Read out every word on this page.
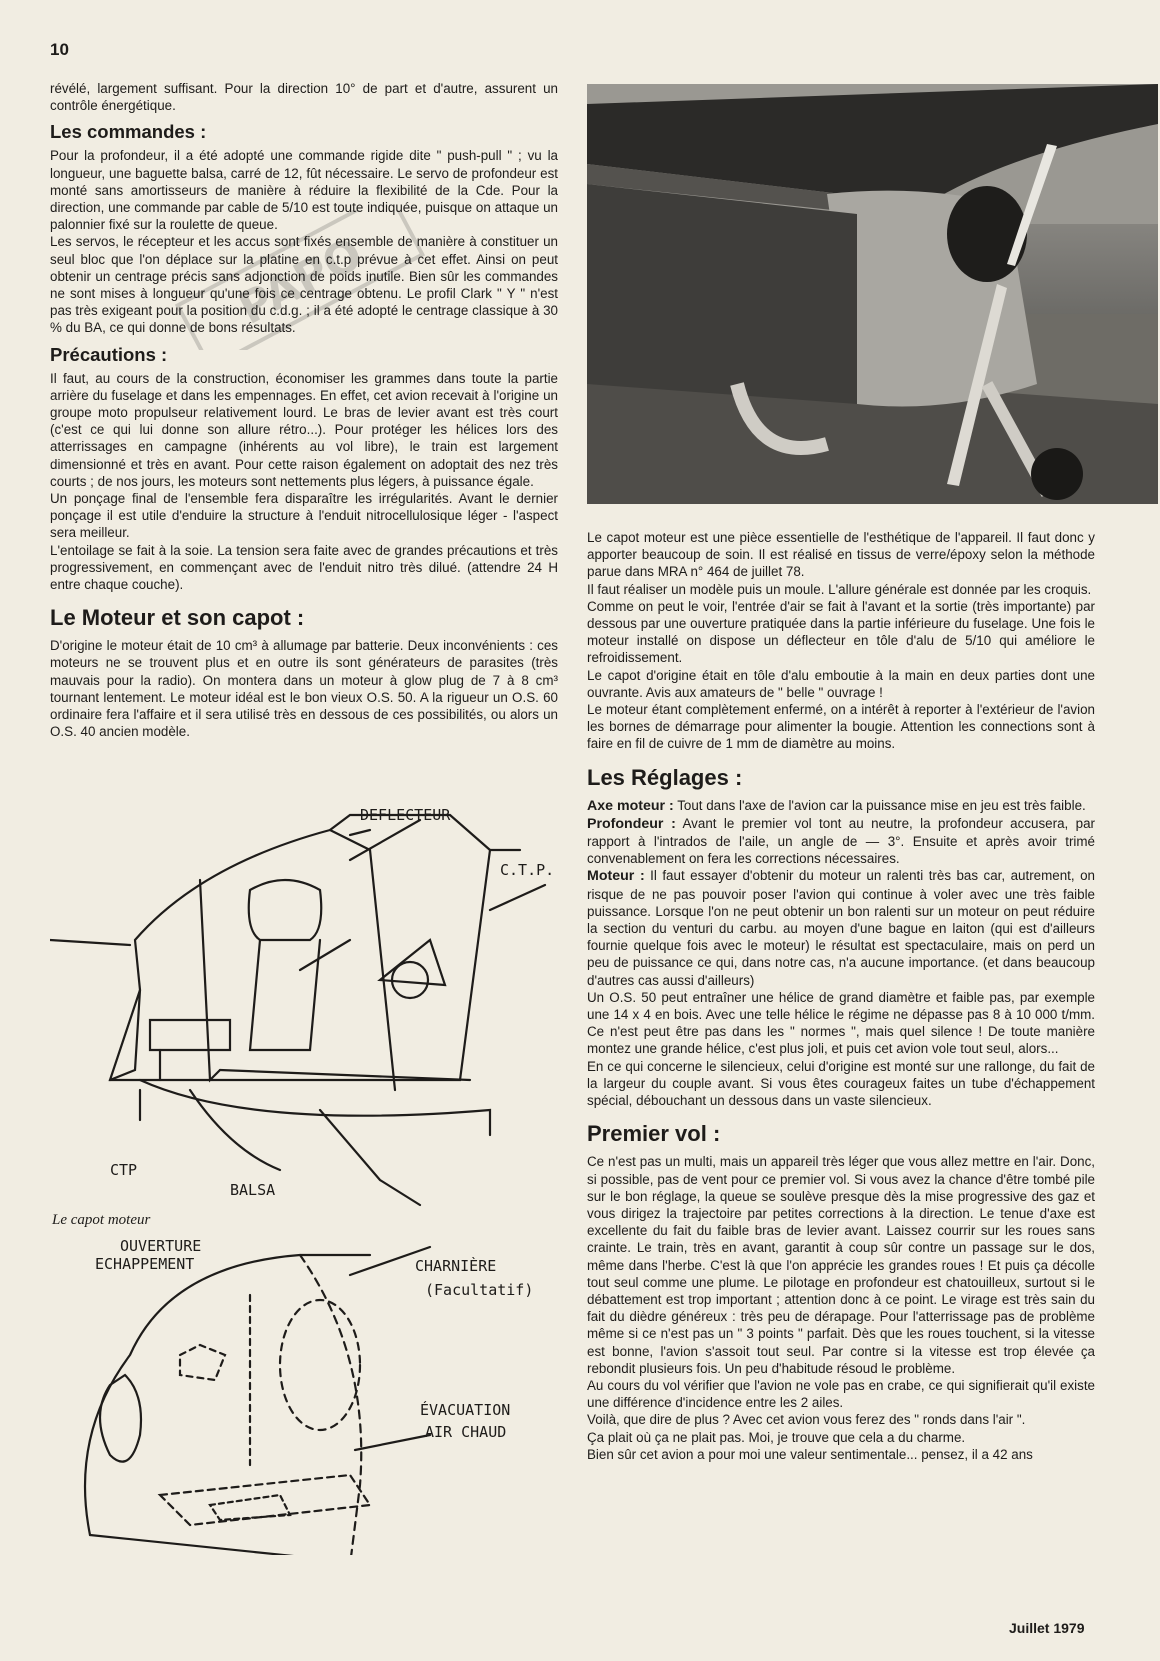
10

révélé, largement suffisant. Pour la direction 10° de part et d'autre, assurent un contrôle énergétique.

Les commandes :

Pour la profondeur, il a été adopté une commande rigide dite " push-pull " ; vu la longueur, une baguette balsa, carré de 12, fût nécessaire. Le servo de profondeur est monté sans amortisseurs de manière à réduire la flexibilité de la Cde. Pour la direction, une commande par cable de 5/10 est toute indiquée, puisque on attaque un palonnier fixé sur la roulette de queue.

Les servos, le récepteur et les accus sont fixés ensemble de manière à constituer un seul bloc que l'on déplace sur la platine en c.t.p prévue à cet effet. Ainsi on peut obtenir un centrage précis sans adjonction de poids inutile. Bien sûr les commandes ne sont mises à longueur qu'une fois ce centrage obtenu. Le profil Clark " Y " n'est pas très exigeant pour la position du c.d.g. ; il a été adopté le centrage classique à 30 % du BA, ce qui donne de bons résultats.

Précautions :

Il faut, au cours de la construction, économiser les grammes dans toute la partie arrière du fuselage et dans les empennages. En effet, cet avion recevait à l'origine un groupe moto propulseur relativement lourd. Le bras de levier avant est très court (c'est ce qui lui donne son allure rétro...). Pour protéger les hélices lors des atterrissages en campagne (inhérents au vol libre), le train est largement dimensionné et très en avant. Pour cette raison également on adoptait des nez très courts ; de nos jours, les moteurs sont nettements plus légers, à puissance égale.

Un ponçage final de l'ensemble fera disparaître les irrégularités. Avant le dernier ponçage il est utile d'enduire la structure à l'enduit nitrocellulosique léger - l'aspect sera meilleur.

L'entoilage se fait à la soie. La tension sera faite avec de grandes précautions et très progressivement, en commençant avec de l'enduit nitro très dilué. (attendre 24 H entre chaque couche).

Le Moteur et son capot :

D'origine le moteur était de 10 cm³ à allumage par batterie. Deux inconvénients : ces moteurs ne se trouvent plus et en outre ils sont générateurs de parasites (très mauvais pour la radio). On montera dans un moteur à glow plug de 7 à 8 cm³ tournant lentement. Le moteur idéal est le bon vieux O.S. 50. A la rigueur un O.S. 60 ordinaire fera l'affaire et il sera utilisé très en dessous de ces possibilités, ou alors un O.S. 40 ancien modèle.

PAPO

Le capot moteur est une pièce essentielle de l'esthétique de l'appareil. Il faut donc y apporter beaucoup de soin. Il est réalisé en tissus de verre/époxy selon la méthode parue dans MRA n° 464 de juillet 78.

Il faut réaliser un modèle puis un moule. L'allure générale est donnée par les croquis.

Comme on peut le voir, l'entrée d'air se fait à l'avant et la sortie (très importante) par dessous par une ouverture pratiquée dans la partie inférieure du fuselage. Une fois le moteur installé on dispose un déflecteur en tôle d'alu de 5/10 qui améliore le refroidissement.

Le capot d'origine était en tôle d'alu emboutie à la main en deux parties dont une ouvrante. Avis aux amateurs de " belle " ouvrage !

Le moteur étant complètement enfermé, on a intérêt à reporter à l'extérieur de l'avion les bornes de démarrage pour alimenter la bougie. Attention les connections sont à faire en fil de cuivre de 1 mm de diamètre au moins.

Les Réglages :

Axe moteur : Tout dans l'axe de l'avion car la puissance mise en jeu est très faible.

Profondeur : Avant le premier vol tont au neutre, la profondeur accusera, par rapport à l'intrados de l'aile, un angle de — 3°. Ensuite et après avoir trimé convenablement on fera les corrections nécessaires.

Moteur : Il faut essayer d'obtenir du moteur un ralenti très bas car, autrement, on risque de ne pas pouvoir poser l'avion qui continue à voler avec une très faible puissance. Lorsque l'on ne peut obtenir un bon ralenti sur un moteur on peut réduire la section du venturi du carbu. au moyen d'une bague en laiton (qui est d'ailleurs fournie quelque fois avec le moteur) le résultat est spectaculaire, mais on perd un peu de puissance ce qui, dans notre cas, n'a aucune importance. (et dans beaucoup d'autres cas aussi d'ailleurs)

Un O.S. 50 peut entraîner une hélice de grand diamètre et faible pas, par exemple une 14 x 4 en bois. Avec une telle hélice le régime ne dépasse pas 8 à 10 000 t/mm. Ce n'est peut être pas dans les " normes ", mais quel silence ! De toute manière montez une grande hélice, c'est plus joli, et puis cet avion vole tout seul, alors...

En ce qui concerne le silencieux, celui d'origine est monté sur une rallonge, du fait de la largeur du couple avant. Si vous êtes courageux faites un tube d'échappement spécial, débouchant un dessous dans un vaste silencieux.

Premier vol :

Ce n'est pas un multi, mais un appareil très léger que vous allez mettre en l'air. Donc, si possible, pas de vent pour ce premier vol. Si vous avez la chance d'être tombé pile sur le bon réglage, la queue se soulève presque dès la mise progressive des gaz et vous dirigez la trajectoire par petites corrections à la direction. Le tenue d'axe est excellente du fait du faible bras de levier avant. Laissez courrir sur les roues sans crainte. Le train, très en avant, garantit à coup sûr contre un passage sur le dos, même dans l'herbe. C'est là que l'on apprécie les grandes roues ! Et puis ça décolle tout seul comme une plume. Le pilotage en profondeur est chatouilleux, surtout si le débattement est trop important ; attention donc à ce point. Le virage est très sain du fait du dièdre généreux : très peu de dérapage. Pour l'atterrissage pas de problème même si ce n'est pas un " 3 points " parfait. Dès que les roues touchent, si la vitesse est bonne, l'avion s'assoit tout seul. Par contre si la vitesse est trop élevée ça rebondit plusieurs fois. Un peu d'habitude résoud le problème.

Au cours du vol vérifier que l'avion ne vole pas en crabe, ce qui signifierait qu'il existe une différence d'incidence entre les 2 ailes.

Voilà, que dire de plus ? Avec cet avion vous ferez des " ronds dans l'air ".

Ça plait où ça ne plait pas. Moi, je trouve que cela a du charme.

Bien sûr cet avion a pour moi une valeur sentimentale... pensez, il a 42 ans

DEFLECTEUR
C.T.P.
CTP
BALSA
Le capot moteur
OUVERTURE
ECHAPPEMENT	CHARNIÈRE
(Facultatif)
ÉVACUATION
AIR CHAUD
Juillet 1979
